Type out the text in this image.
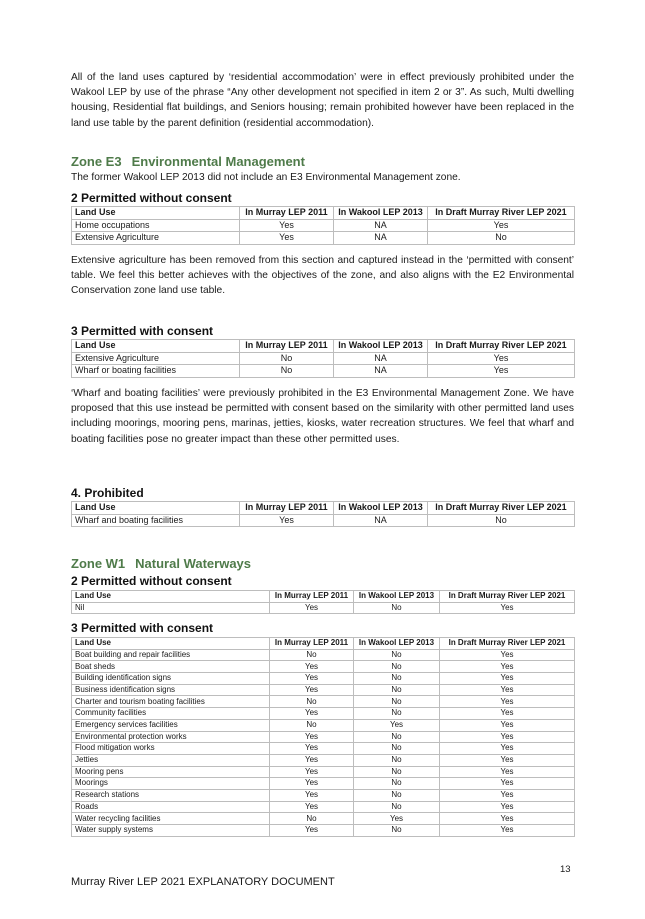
All of the land uses captured by ‘residential accommodation’ were in effect previously prohibited under the Wakool LEP by use of the phrase “Any other development not specified in item 2 or 3”. As such, Multi dwelling housing, Residential flat buildings, and Seniors housing; remain prohibited however have been replaced in the land use table by the parent definition (residential accommodation).

Zone E3 Environmental Management

The former Wakool LEP 2013 did not include an E3 Environmental Management zone.

2 Permitted without consent
Land Use	In Murray LEP 2011	In Wakool LEP 2013	In Draft Murray River LEP 2021
Home occupations	Yes	NA	Yes
Extensive Agriculture	Yes	NA	No

Extensive agriculture has been removed from this section and captured instead in the ‘permitted with consent’ table. We feel this better achieves with the objectives of the zone, and also aligns with the E2 Environmental Conservation zone land use table.

3 Permitted with consent
Land Use	In Murray LEP 2011	In Wakool LEP 2013	In Draft Murray River LEP 2021
Extensive Agriculture	No	NA	Yes
Wharf or boating facilities	No	NA	Yes

‘Wharf and boating facilities’ were previously prohibited in the E3 Environmental Management Zone. We have proposed that this use instead be permitted with consent based on the similarity with other permitted land uses including moorings, mooring pens, marinas, jetties, kiosks, water recreation structures. We feel that wharf and boating facilities pose no greater impact than these other permitted uses.

4. Prohibited
Land Use	In Murray LEP 2011	In Wakool LEP 2013	In Draft Murray River LEP 2021
Wharf and boating facilities	Yes	NA	No
Zone W1 Natural Waterways
2 Permitted without consent
Land Use	In Murray LEP 2011	In Wakool LEP 2013	In Draft Murray River LEP 2021
Nil	Yes	No	Yes
3 Permitted with consent
Land Use	In Murray LEP 2011	In Wakool LEP 2013	In Draft Murray River LEP 2021
Boat building and repair facilities	No	No	Yes
Boat sheds	Yes	No	Yes
Building identification signs	Yes	No	Yes
Business identification signs	Yes	No	Yes
Charter and tourism boating facilities	No	No	Yes
Community facilities	Yes	No	Yes
Emergency services facilities	No	Yes	Yes
Environmental protection works	Yes	No	Yes
Flood mitigation works	Yes	No	Yes
Jetties	Yes	No	Yes
Mooring pens	Yes	No	Yes
Moorings	Yes	No	Yes
Research stations	Yes	No	Yes
Roads	Yes	No	Yes
Water recycling facilities	No	Yes	Yes
Water supply systems	Yes	No	Yes
13
Murray River LEP 2021 EXPLANATORY DOCUMENT
